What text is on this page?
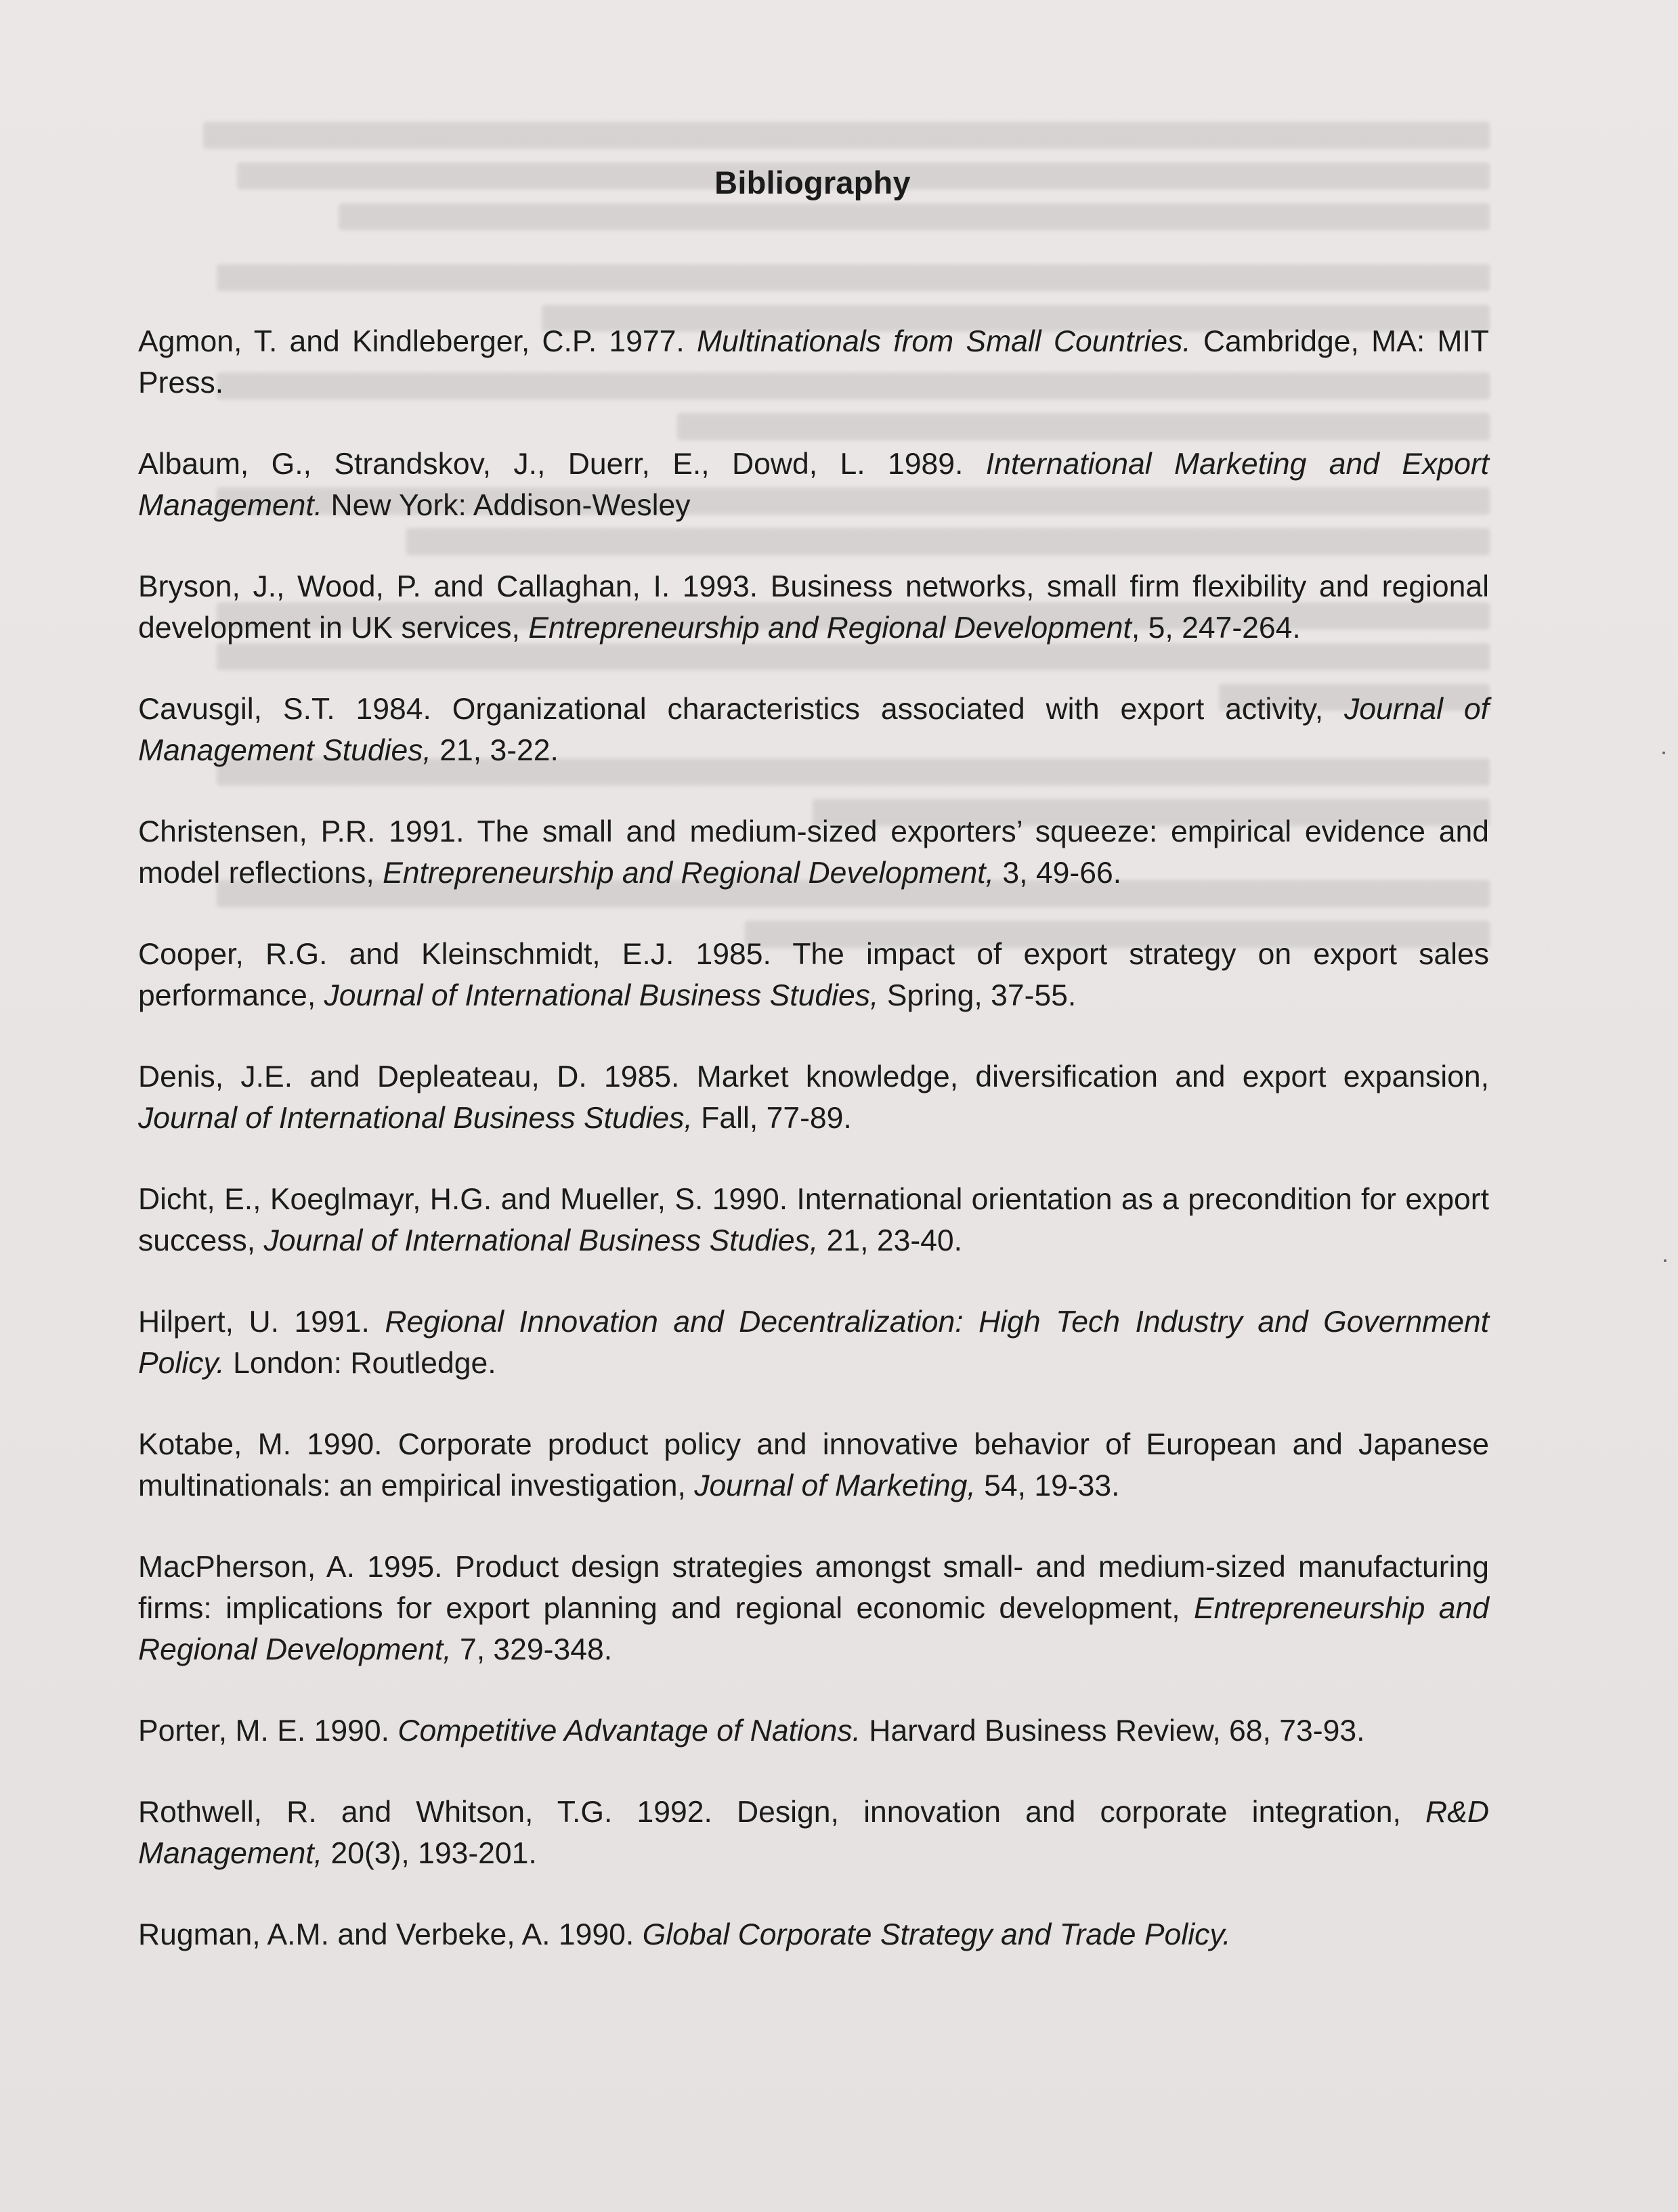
Bibliography

Agmon, T. and Kindleberger, C.P. 1977. Multinationals from Small Countries. Cambridge, MA: MIT Press.

Albaum, G., Strandskov, J., Duerr, E., Dowd, L. 1989. International Marketing and Export Management. New York: Addison-Wesley

Bryson, J., Wood, P. and Callaghan, I. 1993. Business networks, small firm flexibility and regional development in UK services, Entrepreneurship and Regional Development, 5, 247-264.

Cavusgil, S.T. 1984. Organizational characteristics associated with export activity, Journal of Management Studies, 21, 3-22.

Christensen, P.R. 1991. The small and medium-sized exporters’ squeeze: empirical evidence and model reflections, Entrepreneurship and Regional Development, 3, 49-66.

Cooper, R.G. and Kleinschmidt, E.J. 1985. The impact of export strategy on export sales performance, Journal of International Business Studies, Spring, 37-55.

Denis, J.E. and Depleateau, D. 1985. Market knowledge, diversification and export expansion, Journal of International Business Studies, Fall, 77-89.

Dicht, E., Koeglmayr, H.G. and Mueller, S. 1990. International orientation as a precondition for export success, Journal of International Business Studies, 21, 23-40.

Hilpert, U. 1991. Regional Innovation and Decentralization: High Tech Industry and Government Policy. London: Routledge.

Kotabe, M. 1990. Corporate product policy and innovative behavior of European and Japanese multinationals: an empirical investigation, Journal of Marketing, 54, 19-33.

MacPherson, A. 1995. Product design strategies amongst small- and medium-sized manufacturing firms: implications for export planning and regional economic development, Entrepreneurship and Regional Development, 7, 329-348.

Porter, M. E. 1990. Competitive Advantage of Nations. Harvard Business Review, 68, 73-93.

Rothwell, R. and Whitson, T.G. 1992. Design, innovation and corporate integration, R&D Management, 20(3), 193-201.

Rugman, A.M. and Verbeke, A. 1990. Global Corporate Strategy and Trade Policy.
